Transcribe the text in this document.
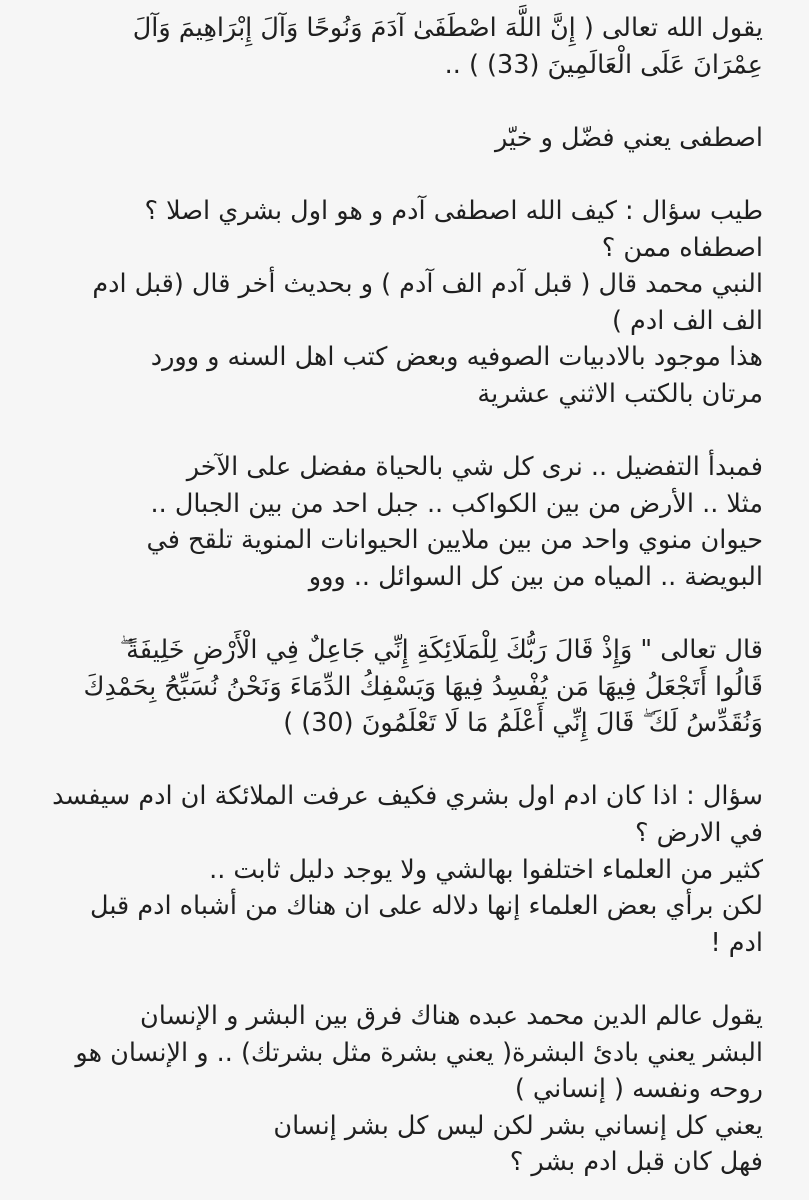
يقول الله تعالى ( إِنَّ اللَّهَ اصْطَفَىٰ آدَمَ وَنُوحًا وَآلَ إِبْرَاهِيمَ وَآلَ
عِمْرَانَ عَلَى الْعَالَمِينَ (33) ) ..
اصطفى يعني فضّل و خيّر
طيب سؤال : كيف الله اصطفى آدم و هو اول بشري اصلا ؟
اصطفاه ممن ؟
النبي محمد قال ( قبل آدم الف آدم ) و بحديث أخر قال (قبل ادم
الف الف ادم )
هذا موجود بالادبيات الصوفيه وبعض كتب اهل السنه و وورد
مرتان بالكتب الاثني عشرية
فمبدأ التفضيل .. نرى كل شي بالحياة مفضل على الآخر
مثلا .. الأرض من بين الكواكب .. جبل احد من بين الجبال ..
حيوان منوي واحد من بين ملايين الحيوانات المنوية تلقح في
البويضة .. المياه من بين كل السوائل .. ووو
قال تعالى " وَإِذْ قَالَ رَبُّكَ لِلْمَلَائِكَةِ إِنِّي جَاعِلٌ فِي الْأَرْضِ خَلِيفَةً ۖ
قَالُوا أَتَجْعَلُ فِيهَا مَن يُفْسِدُ فِيهَا وَيَسْفِكُ الدِّمَاءَ وَنَحْنُ نُسَبِّحُ بِحَمْدِكَ
وَنُقَدِّسُ لَكَ ۖ قَالَ إِنِّي أَعْلَمُ مَا لَا تَعْلَمُونَ (30) )
سؤال : اذا كان ادم اول بشري فكيف عرفت الملائكة ان ادم سيفسد
في الارض ؟
كثير من العلماء اختلفوا بهالشي ولا يوجد دليل ثابت ..
لكن برأي بعض العلماء إنها دلاله على ان هناك من أشباه ادم قبل
ادم !
يقول عالم الدين محمد عبده هناك فرق بين البشر و الإنسان
البشر يعني بادئ البشرة( يعني بشرة مثل بشرتك) .. و الإنسان هو
روحه ونفسه ( إنساني )
يعني كل إنساني بشر لكن ليس كل بشر إنسان
فهل كان قبل ادم بشر ؟
